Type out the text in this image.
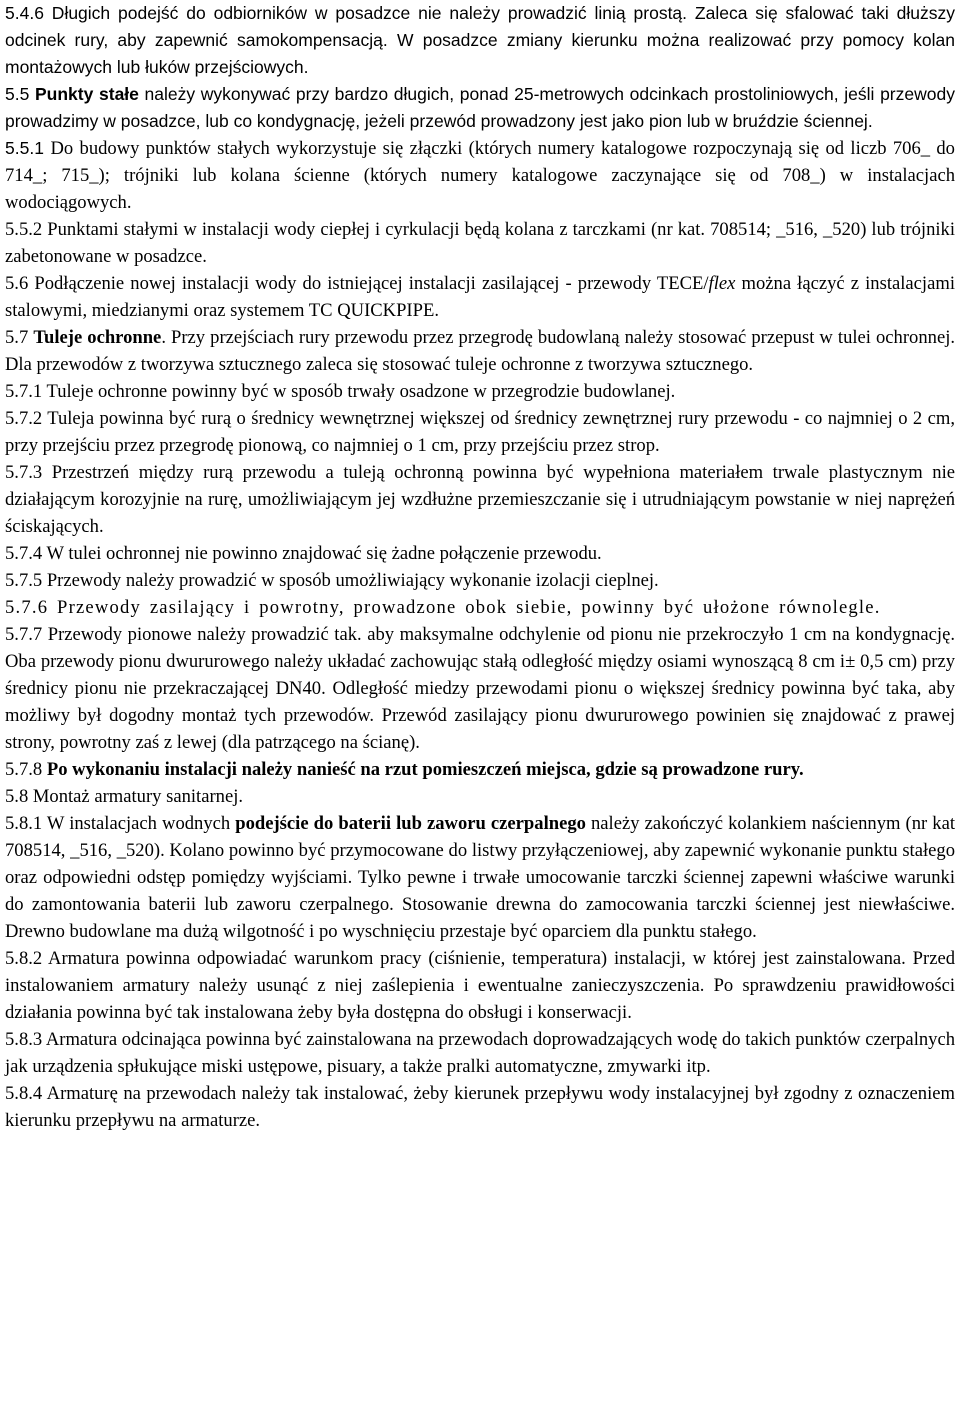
5.4.6 Długich podejść do odbiorników w posadzce nie należy prowadzić linią prostą. Zaleca się sfalować taki dłuższy odcinek rury, aby zapewnić samokompensacją. W posadzce zmiany kierunku można realizować przy pomocy kolan montażowych lub łuków przejściowych.

5.5 Punkty stałe należy wykonywać przy bardzo długich, ponad 25-metrowych odcinkach prostoliniowych, jeśli przewody prowadzimy w posadzce, lub co kondygnację, jeżeli przewód prowadzony jest jako pion lub w bruździe ściennej.

5.5.1 Do budowy punktów stałych wykorzystuje się złączki (których numery katalogowe rozpoczynają się od liczb 706_ do 714_; 715_); trójniki lub kolana ścienne (których numery katalogowe zaczynające się od 708_) w instalacjach wodociągowych.

5.5.2 Punktami stałymi w instalacji wody ciepłej i cyrkulacji będą kolana z tarczkami (nr kat. 708514; _516, _520) lub trójniki zabetonowane w posadzce.

5.6 Podłączenie nowej instalacji wody do istniejącej instalacji zasilającej - przewody TECE/flex można łączyć z instalacjami stalowymi, miedzianymi oraz systemem TC QUICKPIPE.

5.7 Tuleje ochronne. Przy przejściach rury przewodu przez przegrodę budowlaną należy stosować przepust w tulei ochronnej. Dla przewodów z tworzywa sztucznego zaleca się stosować tuleje ochronne z tworzywa sztucznego.

5.7.1 Tuleje ochronne powinny być w sposób trwały osadzone w przegrodzie budowlanej.

5.7.2 Tuleja powinna być rurą o średnicy wewnętrznej większej od średnicy zewnętrznej rury przewodu - co najmniej o 2 cm, przy przejściu przez przegrodę pionową, co najmniej o 1 cm, przy przejściu przez strop.

5.7.3 Przestrzeń między rurą przewodu a tuleją ochronną powinna być wypełniona materiałem trwale plastycznym nie działającym korozyjnie na rurę, umożliwiającym jej wzdłużne przemieszczanie się i utrudniającym powstanie w niej naprężeń ściskających.

5.7.4 W tulei ochronnej nie powinno znajdować się żadne połączenie przewodu.

5.7.5 Przewody należy prowadzić w sposób umożliwiający wykonanie izolacji cieplnej.

5.7.6 Przewody zasilający i powrotny, prowadzone obok siebie, powinny być ułożone równolegle.

5.7.7 Przewody pionowe należy prowadzić tak. aby maksymalne odchylenie od pionu nie przekroczyło 1 cm na kondygnację. Oba przewody pionu dwururowego należy układać zachowując stałą odległość między osiami wynoszącą 8 cm i± 0,5 cm) przy średnicy pionu nie przekraczającej DN40. Odległość miedzy przewodami pionu o większej średnicy powinna być taka, aby możliwy był dogodny montaż tych przewodów. Przewód zasilający pionu dwururowego powinien się znajdować z prawej strony, powrotny zaś z lewej (dla patrzącego na ścianę).

5.7.8 Po wykonaniu instalacji należy nanieść na rzut pomieszczeń miejsca, gdzie są prowadzone rury.

5.8 Montaż armatury sanitarnej.

5.8.1 W instalacjach wodnych podejście do baterii lub zaworu czerpalnego należy zakończyć kolankiem naściennym (nr kat 708514, _516, _520). Kolano powinno być przymocowane do listwy przyłączeniowej, aby zapewnić wykonanie punktu stałego oraz odpowiedni odstęp pomiędzy wyjściami. Tylko pewne i trwałe umocowanie tarczki ściennej zapewni właściwe warunki do zamontowania baterii lub zaworu czerpalnego. Stosowanie drewna do zamocowania tarczki ściennej jest niewłaściwe. Drewno budowlane ma dużą wilgotność i po wyschnięciu przestaje być oparciem dla punktu stałego.

5.8.2 Armatura powinna odpowiadać warunkom pracy (ciśnienie, temperatura) instalacji, w której jest zainstalowana. Przed instalowaniem armatury należy usunąć z niej zaślepienia i ewentualne zanieczyszczenia. Po sprawdzeniu prawidłowości działania powinna być tak instalowana żeby była dostępna do obsługi i konserwacji.

5.8.3 Armatura odcinająca powinna być zainstalowana na przewodach doprowadzających wodę do takich punktów czerpalnych jak urządzenia spłukujące miski ustępowe, pisuary, a także pralki automatyczne, zmywarki itp.

5.8.4 Armaturę na przewodach należy tak instalować, żeby kierunek przepływu wody instalacyjnej był zgodny z oznaczeniem kierunku przepływu na armaturze.
